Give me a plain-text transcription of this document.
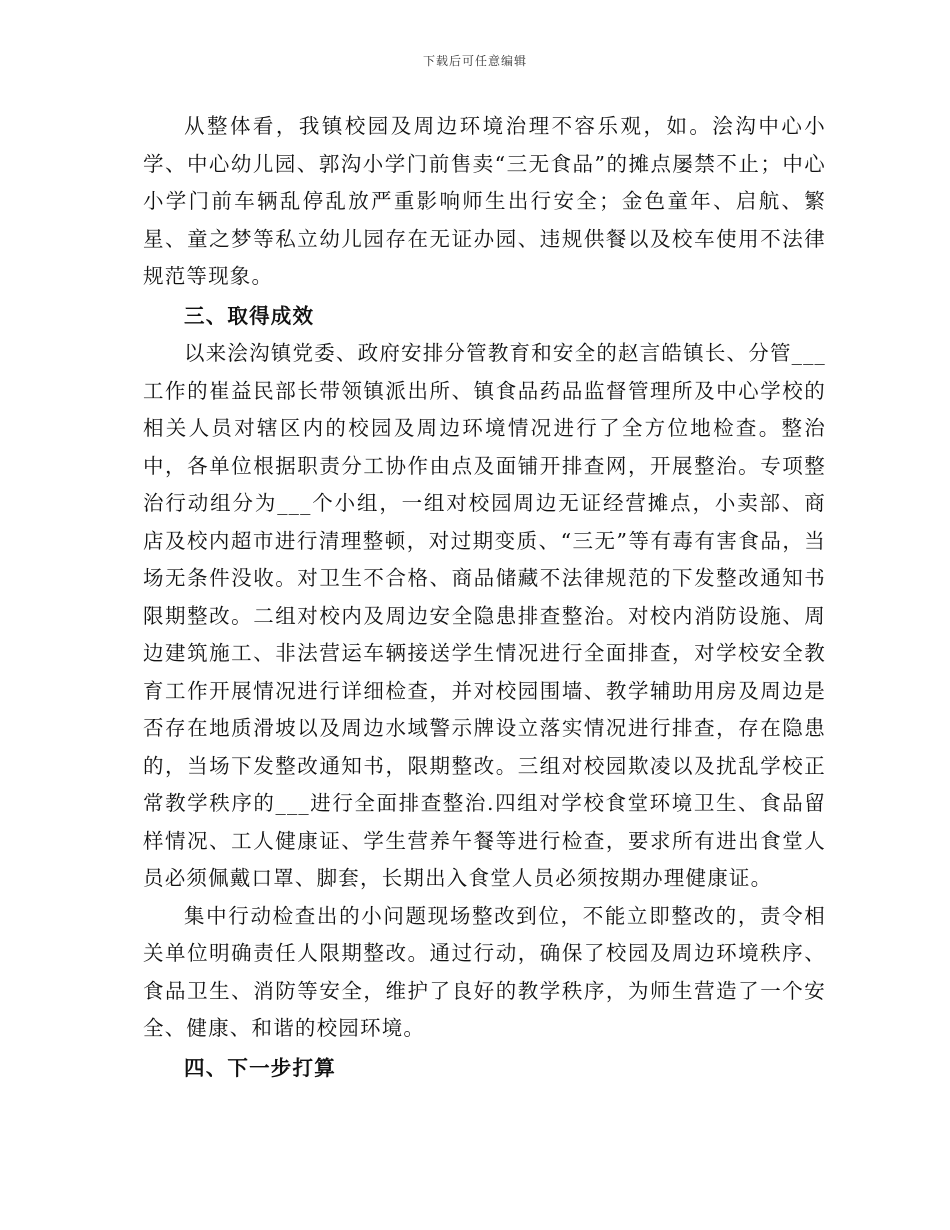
下载后可任意编辑

从整体看，我镇校园及周边环境治理不容乐观，如。浍沟中心小学、中心幼儿园、郭沟小学门前售卖“三无食品”的摊点屡禁不止；中心小学门前车辆乱停乱放严重影响师生出行安全；金色童年、启航、繁星、童之梦等私立幼儿园存在无证办园、违规供餐以及校车使用不法律规范等现象。

三、取得成效

以来浍沟镇党委、政府安排分管教育和安全的赵言皓镇长、分管___工作的崔益民部长带领镇派出所、镇食品药品监督管理所及中心学校的相关人员对辖区内的校园及周边环境情况进行了全方位地检查。整治中，各单位根据职责分工协作由点及面铺开排查网，开展整治。专项整治行动组分为___个小组，一组对校园周边无证经营摊点，小卖部、商店及校内超市进行清理整顿，对过期变质、“三无”等有毒有害食品，当场无条件没收。对卫生不合格、商品储藏不法律规范的下发整改通知书限期整改。二组对校内及周边安全隐患排查整治。对校内消防设施、周边建筑施工、非法营运车辆接送学生情况进行全面排查，对学校安全教育工作开展情况进行详细检查，并对校园围墙、教学辅助用房及周边是否存在地质滑坡以及周边水域警示牌设立落实情况进行排查，存在隐患的，当场下发整改通知书，限期整改。三组对校园欺凌以及扰乱学校正常教学秩序的___进行全面排查整治.四组对学校食堂环境卫生、食品留样情况、工人健康证、学生营养午餐等进行检查，要求所有进出食堂人员必须佩戴口罩、脚套，长期出入食堂人员必须按期办理健康证。

集中行动检查出的小问题现场整改到位，不能立即整改的，责令相关单位明确责任人限期整改。通过行动，确保了校园及周边环境秩序、食品卫生、消防等安全，维护了良好的教学秩序，为师生营造了一个安全、健康、和谐的校园环境。

四、下一步打算
